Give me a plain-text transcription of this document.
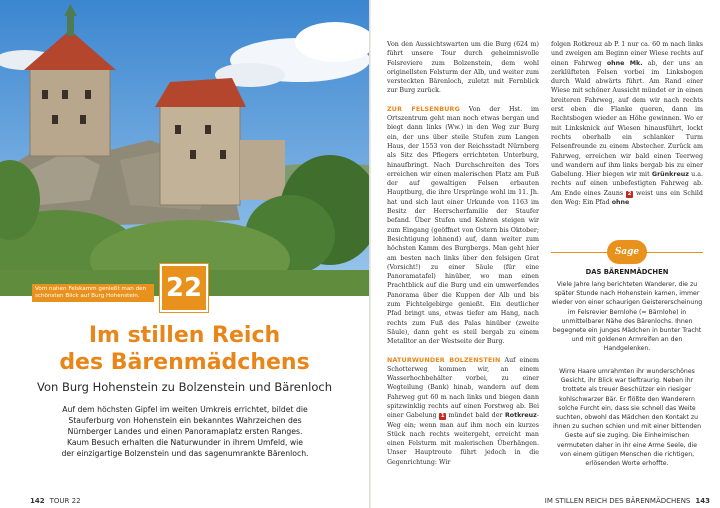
Vom nahen Felskamm genießt man den schönsten Blick auf Burg Hohenstein.	22
Im stillen Reich
des Bärenmädchens
Von Burg Hohenstein zu Bolzenstein und Bärenloch
Auf dem höchsten Gipfel im weiten Umkreis errichtet, bildet die
Stauferburg von Hohenstein ein bekanntes Wahrzeichen des
Nürnberger Landes und einen Panoramaplatz ersten Ranges.
Kaum Besuch erhalten die Naturwunder in ihrem Umfeld, wie
der einzigartige Bolzenstein und das sagenumrankte Bärenloch.
142 TOUR 22

Von den Aussichtswarten um die Burg (624 m) führt unsere Tour durch geheimnisvolle Felsreviere zum Bolzenstein, dem wohl originellsten Felsturm der Alb, und weiter zum versteckten Bärenloch, zuletzt mit Fernblick zur Burg zurück.

ZUR FELSENBURG Von der Hst. im Ortszentrum geht man noch etwas bergan und biegt dann links (Ww.) in den Weg zur Burg ein, der uns über steile Stufen zum Langen Haus, der 1553 von der Reichsstadt Nürnberg als Sitz des Pflegers errichteten Unterburg, hinaufbringt. Nach Durchschreiten des Tors erreichen wir einen malerischen Platz am Fuß der auf gewaltigen Felsen erbauten Hauptburg, die ihre Ursprünge wohl im 11. Jh. hat und sich laut einer Urkunde von 1163 im Besitz der Herrscherfamilie der Staufer befand. Über Stufen und Kehren steigen wir zum Eingang (geöffnet von Ostern bis Oktober; Besichtigung lohnend) auf, dann weiter zum höchsten Kamm des Burgbergs. Man geht hier am besten nach links über den felsigen Grat (Vorsicht!) zu einer Säule (für eine Panoramatafel) hinüber, wo man einen Prachtblick auf die Burg und ein umwerfendes Panorama über die Kuppen der Alb und bis zum Fichtelgebirge genießt. Ein deutlicher Pfad bringt uns, etwas tiefer am Hang, nach rechts zum Fuß des Palas hinüber (zweite Säule), dann geht es steil bergab zu einem Metalltor an der Westseite der Burg.

NATURWUNDER BOLZENSTEIN Auf einem Schotterweg kommen wir, an einem Wasserhochbehälter vorbei, zu einer Wegteilung (Bank) hinab, wandern auf dem Fahrweg gut 60 m nach links und biegen dann spitzwinklig rechts auf einen Forstweg ab. Bei einer Gabelung 1 mündet bald der Rotkreuz-Weg ein; wenn man auf ihm noch ein kurzes Stück nach rechts weitergeht, erreicht man einen Felsturm mit malerischen Überhängen. Unser Hauptroute führt jedoch in die Gegenrichtung: Wir

folgen Rotkreuz ab P. 1 nur ca. 60 m nach links und zweigen am Beginn einer Wiese rechts auf einen Fahrweg ohne Mk. ab, der uns an zerklüfteten Felsen vorbei im Linksbogen durch Wald abwärts führt. Am Rand einer Wiese mit schöner Aussicht mündet er in einen breiteren Fahrweg, auf dem wir nach rechts erst eben die Flanke queren, dann im Rechtsbogen wieder an Höhe gewinnen. Wo er mit Linksknick auf Wiesen hinausführt, lockt rechts oberhalb ein schlanker Turm Felsenfreunde zu einem Abstecher. Zurück am Fahrweg, erreichen wir bald einen Teerweg und wandern auf ihm links bergab bis zu einer Gabelung. Hier biegen wir mit Grünkreuz u.a. rechts auf einen unbefestigten Fahrweg ab. Am Ende eines Zauns 2 weist uns ein Schild den Weg: Ein Pfad ohne

Sage
DAS BÄRENMÄDCHEN
Viele Jahre lang berichteten Wanderer, die zu später Stunde nach Hohenstein kamen, immer wieder von einer schaurigen Geistererscheinung im Felsrevier Bernlohe (= Bärnlohe) in unmittelbarer Nähe des Bärenlochs. Ihnen begegnete ein junges Mädchen in bunter Tracht und mit goldenen Armreifen an den Handgelenken.
Wirre Haare umrahmten ihr wunderschönes Gesicht, ihr Blick war tieftraurig. Neben ihr trottete als treuer Beschützer ein riesiger kohlschwarzer Bär. Er flößte den Wanderern solche Furcht ein, dass sie schnell das Weite suchten, obwohl das Mädchen den Kontakt zu ihnen zu suchen schien und mit einer bittenden Geste auf sie zuging. Die Einheimischen vermuteten daher in ihr eine Arme Seele, die von einem gütigen Menschen die richtigen, erlösenden Worte erhoffte.
IM STILLEN REICH DES BÄRENMÄDCHENS 143
